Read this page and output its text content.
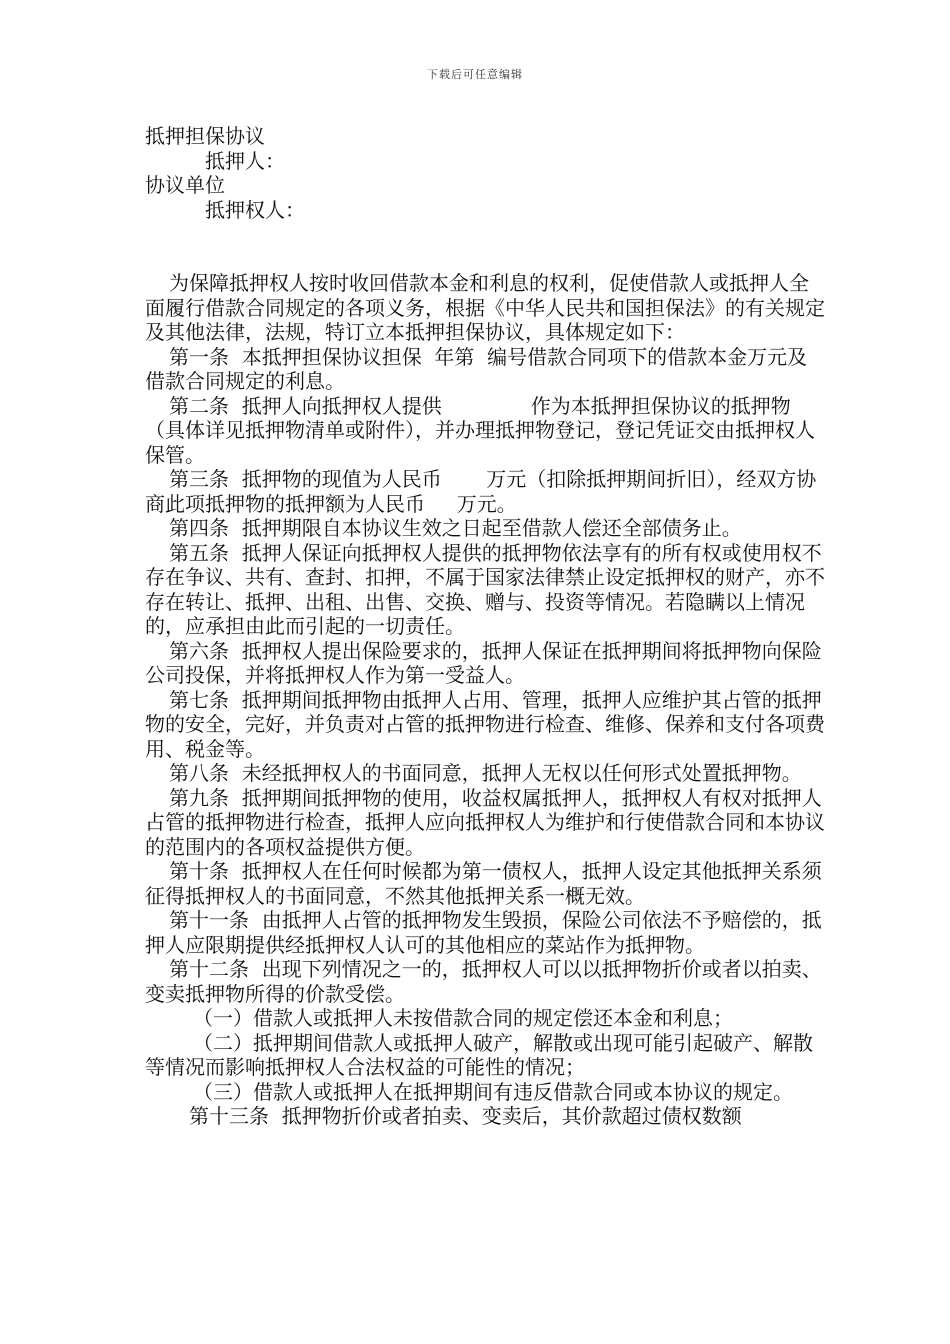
下载后可任意编辑

抵押担保协议

抵押人：

协议单位

抵押权人：

为保障抵押权人按时收回借款本金和利息的权利，促使借款人或抵押人全面履行借款合同规定的各项义务，根据《中华人民共和国担保法》的有关规定及其他法律，法规，特订立本抵押担保协议，具体规定如下：

第一条  本抵押担保协议担保  年第  编号借款合同项下的借款本金万元及借款合同规定的利息。

第二条  抵押人向抵押权人提供              作为本抵押担保协议的抵押物（具体详见抵押物清单或附件），并办理抵押物登记，登记凭证交由抵押权人保管。

第三条  抵押物的现值为人民币       万元（扣除抵押期间折旧），经双方协商此项抵押物的抵押额为人民币     万元。

第四条  抵押期限自本协议生效之日起至借款人偿还全部债务止。

第五条  抵押人保证向抵押权人提供的抵押物依法享有的所有权或使用权不存在争议、共有、查封、扣押，不属于国家法律禁止设定抵押权的财产，亦不存在转让、抵押、出租、出售、交换、赠与、投资等情况。若隐瞒以上情况的，应承担由此而引起的一切责任。

第六条  抵押权人提出保险要求的，抵押人保证在抵押期间将抵押物向保险公司投保，并将抵押权人作为第一受益人。

第七条  抵押期间抵押物由抵押人占用、管理，抵押人应维护其占管的抵押物的安全，完好，并负责对占管的抵押物进行检查、维修、保养和支付各项费用、税金等。

第八条  未经抵押权人的书面同意，抵押人无权以任何形式处置抵押物。

第九条  抵押期间抵押物的使用，收益权属抵押人，抵押权人有权对抵押人占管的抵押物进行检查，抵押人应向抵押权人为维护和行使借款合同和本协议的范围内的各项权益提供方便。

第十条  抵押权人在任何时候都为第一债权人，抵押人设定其他抵押关系须征得抵押权人的书面同意，不然其他抵押关系一概无效。

第十一条  由抵押人占管的抵押物发生毁损，保险公司依法不予赔偿的，抵押人应限期提供经抵押权人认可的其他相应的菜站作为抵押物。

第十二条  出现下列情况之一的，抵押权人可以以抵押物折价或者以拍卖、变卖抵押物所得的价款受偿。

（一）借款人或抵押人未按借款合同的规定偿还本金和利息；

（二）抵押期间借款人或抵押人破产，解散或出现可能引起破产、解散等情况而影响抵押权人合法权益的可能性的情况；

（三）借款人或抵押人在抵押期间有违反借款合同或本协议的规定。

第十三条  抵押物折价或者拍卖、变卖后，其价款超过债权数额
